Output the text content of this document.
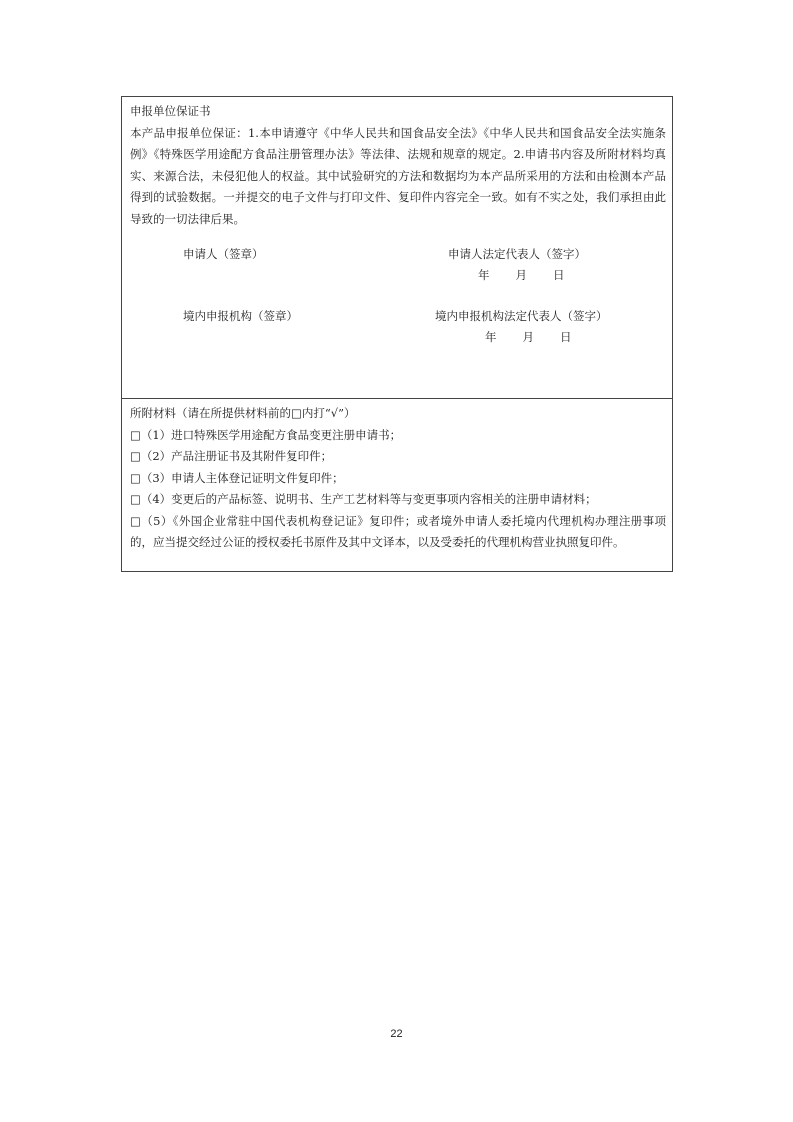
申报单位保证书
本产品申报单位保证：1.本申请遵守《中华人民共和国食品安全法》《中华人民共和国食品安全法实施条例》《特殊医学用途配方食品注册管理办法》等法律、法规和规章的规定。2.申请书内容及所附材料均真实、来源合法，未侵犯他人的权益。其中试验研究的方法和数据均为本产品所采用的方法和由检测本产品得到的试验数据。一并提交的电子文件与打印文件、复印件内容完全一致。如有不实之处，我们承担由此导致的一切法律后果。
申请人（签章）	申请人法定代表人（签字）
年 月 日
境内申报机构（签章）	境内申报机构法定代表人（签字）
年 月 日
所附材料（请在所提供材料前的□内打“√”）
□（1）进口特殊医学用途配方食品变更注册申请书；
□（2）产品注册证书及其附件复印件；
□（3）申请人主体登记证明文件复印件；
□（4）变更后的产品标签、说明书、生产工艺材料等与变更事项内容相关的注册申请材料；
□（5）《外国企业常驻中国代表机构登记证》复印件；或者境外申请人委托境内代理机构办理注册事项的，应当提交经过公证的授权委托书原件及其中文译本，以及受委托的代理机构营业执照复印件。
22
